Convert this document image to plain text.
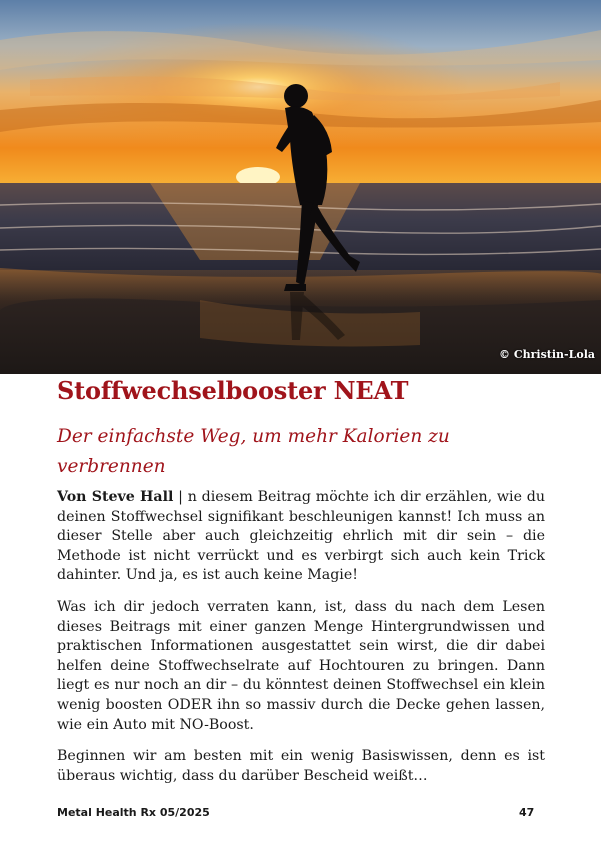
© Christin-Lola
Stoffwechselbooster NEAT
Der einfachste Weg, um mehr Kalorien zu verbrennen

Von Steve Hall | n diesem Beitrag möchte ich dir erzählen, wie du deinen Stoffwechsel signifikant beschleunigen kannst! Ich muss an dieser Stelle aber auch gleichzeitig ehrlich mit dir sein – die Methode ist nicht verrückt und es verbirgt sich auch kein Trick dahinter. Und ja, es ist auch keine Magie!

Was ich dir jedoch verraten kann, ist, dass du nach dem Lesen dieses Beitrags mit einer ganzen Menge Hintergrundwissen und praktischen Informationen ausgestattet sein wirst, die dir dabei helfen deine Stoffwechselrate auf Hochtouren zu bringen. Dann liegt es nur noch an dir – du könntest deinen Stoffwechsel ein klein wenig boosten ODER ihn so massiv durch die Decke gehen lassen, wie ein Auto mit NO-Boost.

Beginnen wir am besten mit ein wenig Basiswissen, denn es ist überaus wichtig, dass du darüber Bescheid weißt…

Metal Health Rx 05/2025	47
